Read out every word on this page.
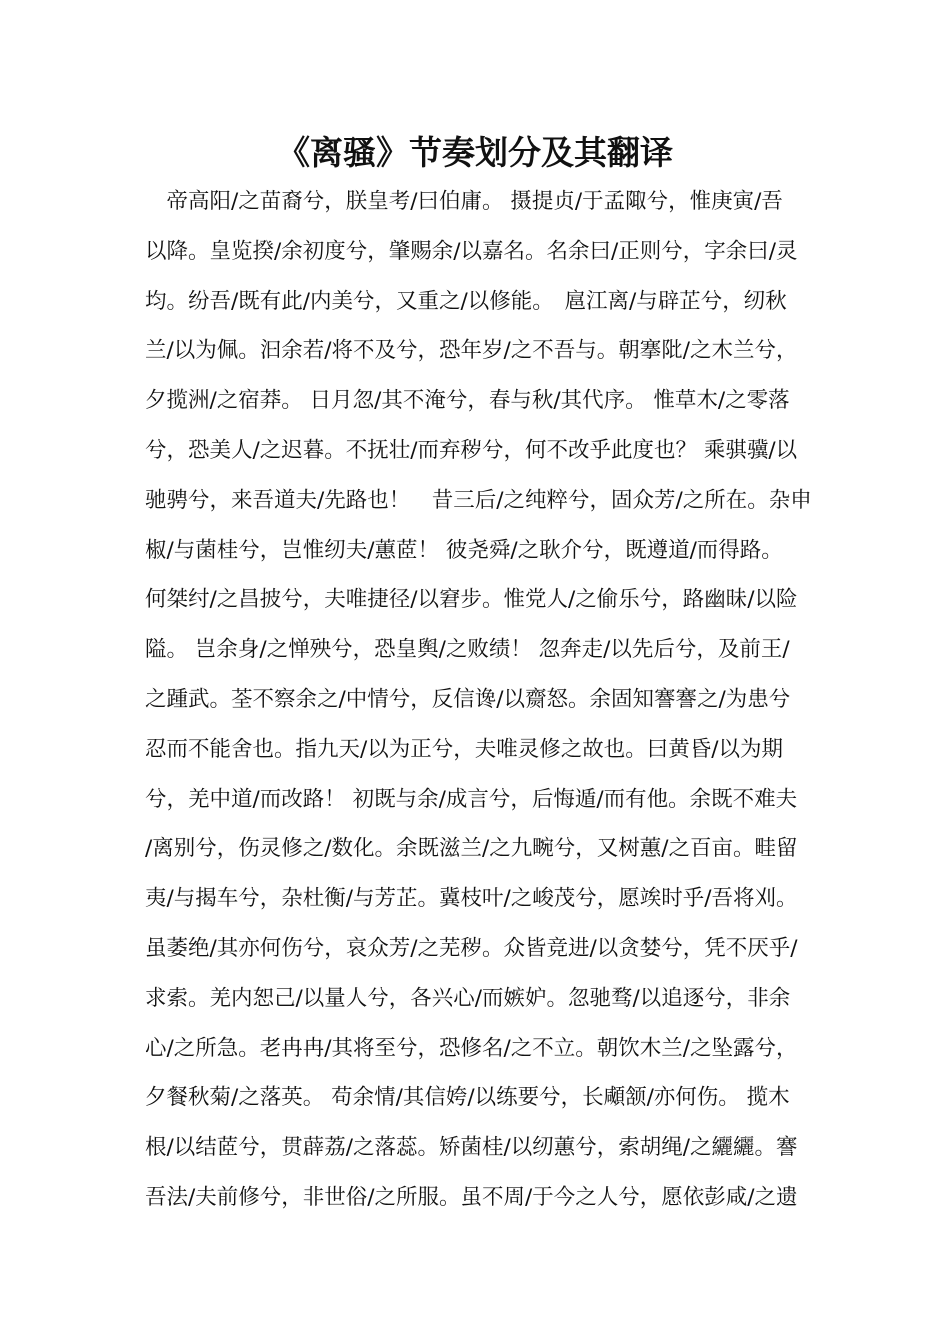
《离骚》节奏划分及其翻译
　帝高阳/之苗裔兮，朕皇考/曰伯庸。 摄提贞/于孟陬兮，惟庚寅/吾
以降。皇览揆/余初度兮，肇赐余/以嘉名。名余曰/正则兮，字余曰/灵
均。纷吾/既有此/内美兮，又重之/以修能。　扈江离/与辟芷兮，纫秋
兰/以为佩。汩余若/将不及兮，恐年岁/之不吾与。朝搴阰/之木兰兮，
夕揽洲/之宿莽。 日月忽/其不淹兮，春与秋/其代序。 惟草木/之零落
兮，恐美人/之迟暮。不抚壮/而弃秽兮，何不改乎此度也？ 乘骐骥/以
驰骋兮，来吾道夫/先路也！　昔三后/之纯粹兮，固众芳/之所在。杂申
椒/与菌桂兮，岂惟纫夫/蕙茝！ 彼尧舜/之耿介兮，既遵道/而得路。
何桀纣/之昌披兮，夫唯捷径/以窘步。惟党人/之偷乐兮，路幽昧/以险
隘。 岂余身/之惮殃兮，恐皇舆/之败绩！ 忽奔走/以先后兮，及前王/
之踵武。荃不察余之/中情兮，反信谗/以齌怒。余固知謇謇之/为患兮
忍而不能舍也。指九天/以为正兮，夫唯灵修之故也。曰黄昏/以为期
兮，羌中道/而改路！ 初既与余/成言兮，后悔遁/而有他。余既不难夫
/离别兮，伤灵修之/数化。余既滋兰/之九畹兮，又树蕙/之百亩。畦留
夷/与揭车兮，杂杜衡/与芳芷。冀枝叶/之峻茂兮，愿竢时乎/吾将刈。
虽萎绝/其亦何伤兮，哀众芳/之芜秽。众皆竞进/以贪婪兮，凭不厌乎/
求索。羌内恕己/以量人兮，各兴心/而嫉妒。忽驰骛/以追逐兮，非余
心/之所急。老冉冉/其将至兮，恐修名/之不立。朝饮木兰/之坠露兮，
夕餐秋菊/之落英。 苟余情/其信姱/以练要兮，长顑颔/亦何伤。 揽木
根/以结茝兮，贯薜荔/之落蕊。矫菌桂/以纫蕙兮，索胡绳/之纚纚。謇
吾法/夫前修兮，非世俗/之所服。虽不周/于今之人兮，愿依彭咸/之遗
